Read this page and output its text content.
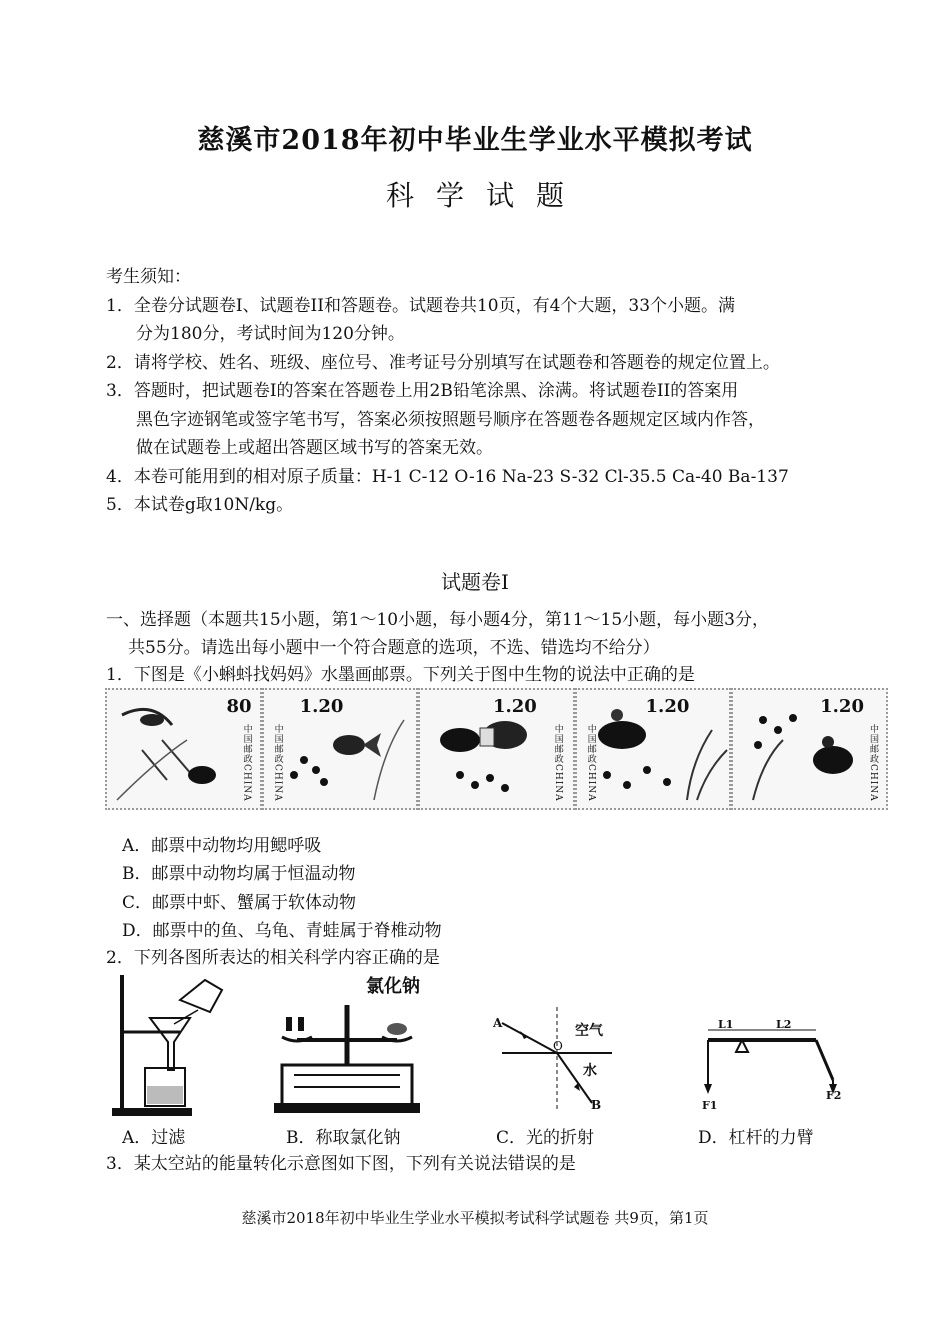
慈溪市2018年初中毕业生学业水平模拟考试
科学试题
考生须知：
1．全卷分试题卷I、试题卷II和答题卷。试题卷共10页，有4个大题，33个小题。满
分为180分，考试时间为120分钟。
2．请将学校、姓名、班级、座位号、准考证号分别填写在试题卷和答题卷的规定位置上。
3．答题时，把试题卷I的答案在答题卷上用2B铅笔涂黑、涂满。将试题卷II的答案用
黑色字迹钢笔或签字笔书写，答案必须按照题号顺序在答题卷各题规定区域内作答，
做在试题卷上或超出答题区域书写的答案无效。
4．本卷可能用到的相对原子质量：H-1 C-12 O-16 Na-23 S-32 Cl-35.5 Ca-40 Ba-137
5．本试卷g取10N/kg。
试题卷I
一、选择题（本题共15小题，第1～10小题，每小题4分，第11～15小题，每小题3分，
共55分。请选出每小题中一个符合题意的选项，不选、错选均不给分）
1．下图是《小蝌蚪找妈妈》水墨画邮票。下列关于图中生物的说法中正确的是
80
中国邮政CHINA
1.20
中国邮政CHINA
1.20
中国邮政CHINA
1.20
中国邮政CHINA
1.20
中国邮政CHINA
A．邮票中动物均用鳃呼吸
B．邮票中动物均属于恒温动物
C．邮票中虾、蟹属于软体动物
D．邮票中的鱼、乌龟、青蛙属于脊椎动物
2．下列各图所表达的相关科学内容正确的是
氯化钠
A
O
空气
水
B
L1	L2
F1
F2
A．过滤	B．称取氯化钠	C．光的折射	D．杠杆的力臂
3．某太空站的能量转化示意图如下图，下列有关说法错误的是
慈溪市2018年初中毕业生学业水平模拟考试科学试题卷 共9页，第1页
